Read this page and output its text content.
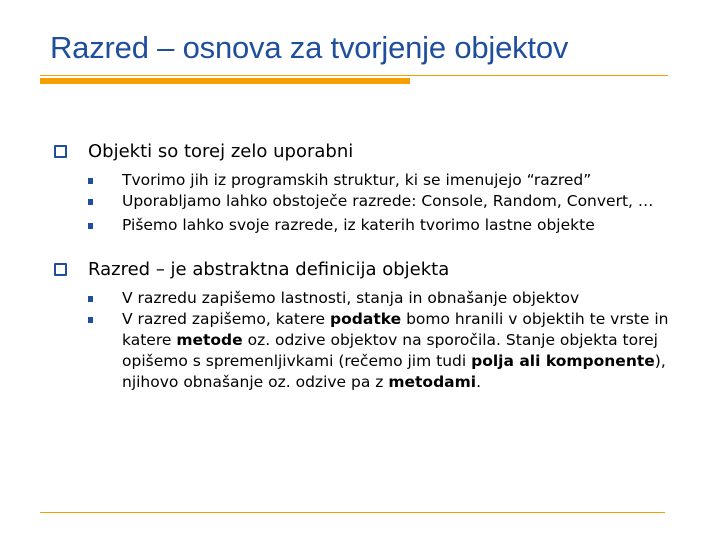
Razred – osnova za tvorjenje objektov
Objekti so torej zelo uporabni
Tvorimo jih iz programskih struktur, ki se imenujejo “razred”
Uporabljamo lahko obstoječe razrede: Console, Random, Convert, …
Pišemo lahko svoje razrede, iz katerih tvorimo lastne objekte
Razred – je abstraktna definicija objekta
V razredu zapišemo lastnosti, stanja in obnašanje objektov
V razred zapišemo, katere podatke bomo hranili v objektih te vrste in katere metode oz. odzive objektov na sporočila. Stanje objekta torej opišemo s spremenljivkami (rečemo jim tudi polja ali komponente), njihovo obnašanje oz. odzive pa z metodami.
